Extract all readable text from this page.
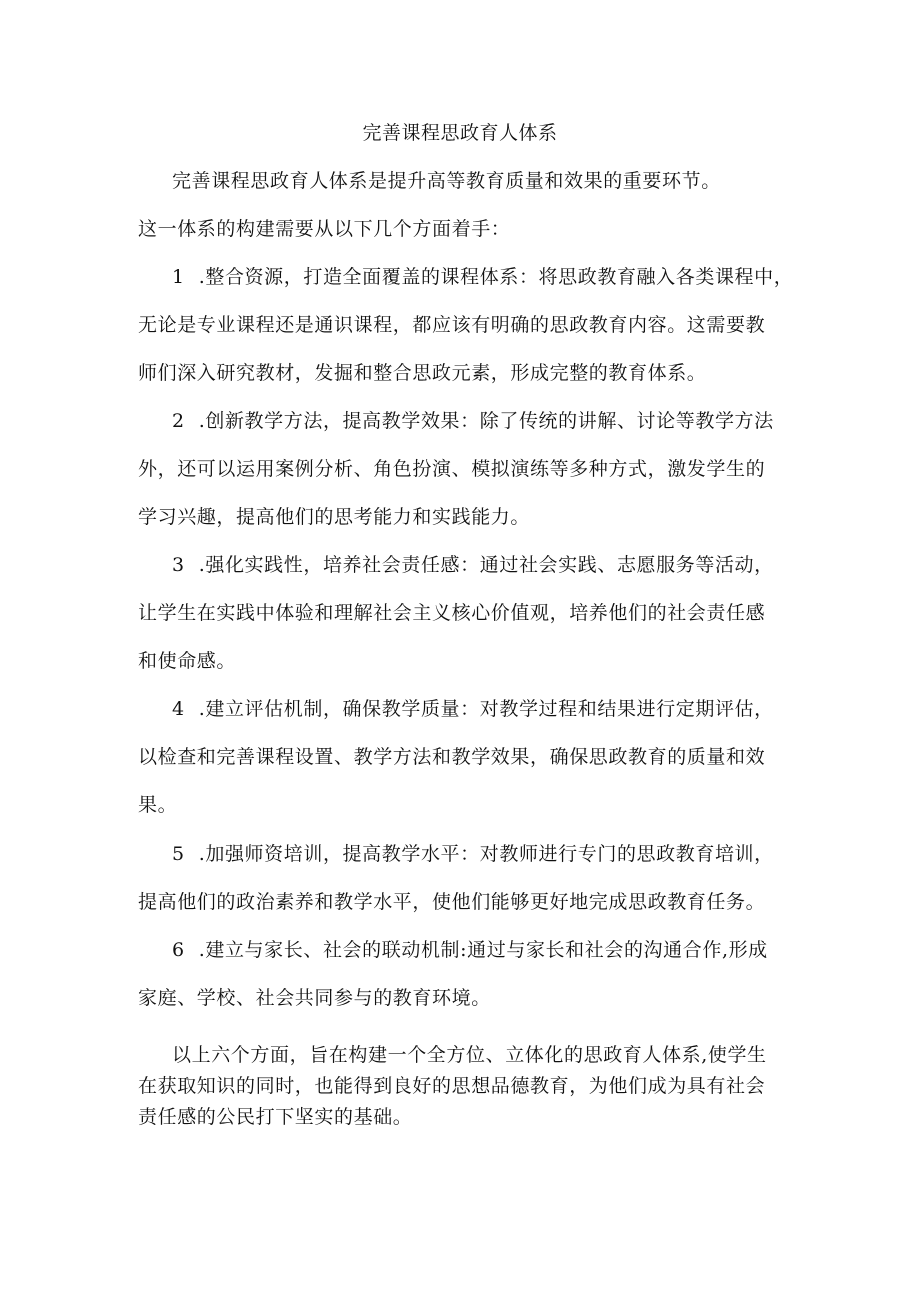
完善课程思政育人体系
完善课程思政育人体系是提升高等教育质量和效果的重要环节。
这一体系的构建需要从以下几个方面着手：
1 .整合资源，打造全面覆盖的课程体系：将思政教育融入各类课程中，
无论是专业课程还是通识课程，都应该有明确的思政教育内容。这需要教
师们深入研究教材，发掘和整合思政元素，形成完整的教育体系。
2 .创新教学方法，提高教学效果：除了传统的讲解、讨论等教学方法
外，还可以运用案例分析、角色扮演、模拟演练等多种方式，激发学生的
学习兴趣，提高他们的思考能力和实践能力。
3 .强化实践性，培养社会责任感：通过社会实践、志愿服务等活动，
让学生在实践中体验和理解社会主义核心价值观，培养他们的社会责任感
和使命感。
4 .建立评估机制，确保教学质量：对教学过程和结果进行定期评估，
以检查和完善课程设置、教学方法和教学效果，确保思政教育的质量和效
果。
5 .加强师资培训，提高教学水平：对教师进行专门的思政教育培训，
提高他们的政治素养和教学水平，使他们能够更好地完成思政教育任务。
6 .建立与家长、社会的联动机制:通过与家长和社会的沟通合作,形成
家庭、学校、社会共同参与的教育环境。
以上六个方面，旨在构建一个全方位、立体化的思政育人体系,使学生
在获取知识的同时，也能得到良好的思想品德教育，为他们成为具有社会
责任感的公民打下坚实的基础。
